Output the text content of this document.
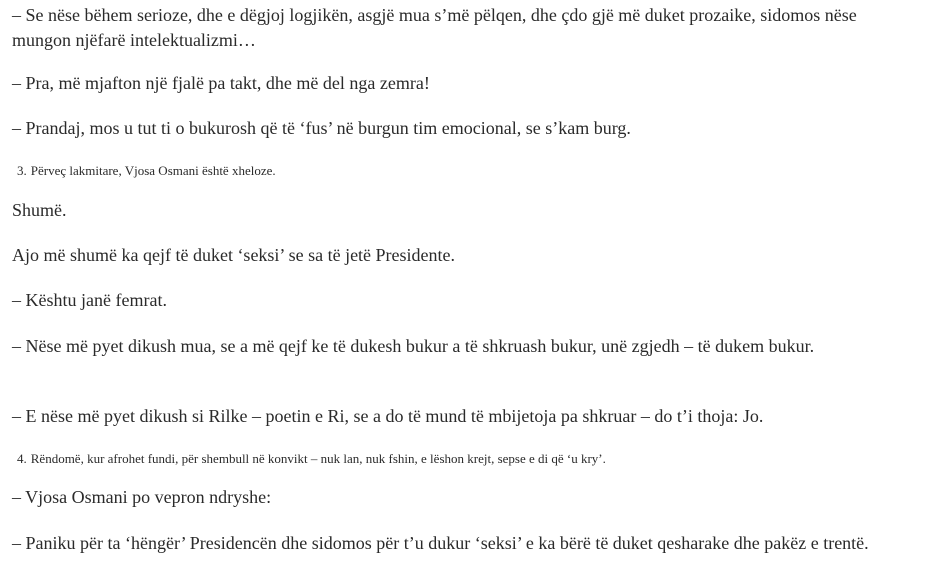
– Se nëse bëhem serioze, dhe e dëgjoj logjikën, asgjë mua s’më pëlqen, dhe çdo gjë më duket prozaike, sidomos nëse mungon njëfarë intelektualizmi…

– Pra, më mjafton një fjalë pa takt, dhe më del nga zemra!

– Prandaj, mos u tut ti o bukurosh që të ‘fus’ në burgun tim emocional, se s’kam burg.

3. Përveç lakmitare, Vjosa Osmani është xheloze.

Shumë.

Ajo më shumë ka qejf të duket ‘seksi’ se sa të jetë Presidente.

– Kështu janë femrat.

– Nëse më pyet dikush mua, se a më qejf ke të dukesh bukur a të shkruash bukur, unë zgjedh – të dukem bukur.

– E nëse më pyet dikush si Rilke – poetin e Ri, se a do të mund të mbijetoja pa shkruar – do t’i thoja: Jo.

4. Rëndomë, kur afrohet fundi, për shembull në konvikt – nuk lan, nuk fshin, e lëshon krejt, sepse e di që ‘u kry’.

– Vjosa Osmani po vepron ndryshe:

– Paniku për ta ‘hëngër’ Presidencën dhe sidomos për t’u dukur ‘seksi’ e ka bërë të duket qesharake dhe pakëz e trentë.
